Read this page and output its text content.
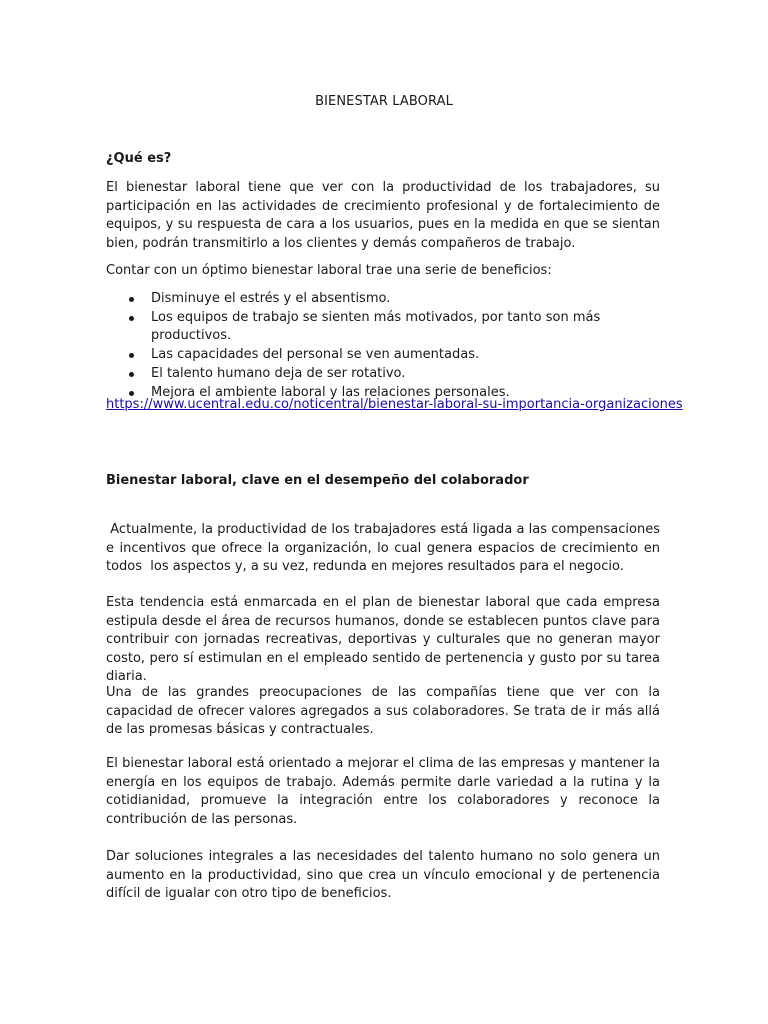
BIENESTAR LABORAL
¿Qué es?

El bienestar laboral tiene que ver con la productividad de los trabajadores, su participación en las actividades de crecimiento profesional y de fortalecimiento de equipos, y su respuesta de cara a los usuarios, pues en la medida en que se sientan bien, podrán transmitirlo a los clientes y demás compañeros de trabajo.

Contar con un óptimo bienestar laboral trae una serie de beneficios:

Disminuye el estrés y el absentismo.
Los equipos de trabajo se sienten más motivados, por tanto son más productivos.
Las capacidades del personal se ven aumentadas.
El talento humano deja de ser rotativo.
Mejora el ambiente laboral y las relaciones personales.
https://www.ucentral.edu.co/noticentral/bienestar-laboral-su-importancia-organizaciones
Bienestar laboral, clave en el desempeño del colaborador

Actualmente, la productividad de los trabajadores está ligada a las compensaciones e incentivos que ofrece la organización, lo cual genera espacios de crecimiento en todos  los aspectos y, a su vez, redunda en mejores resultados para el negocio.

Esta tendencia está enmarcada en el plan de bienestar laboral que cada empresa estipula desde el área de recursos humanos, donde se establecen puntos clave para contribuir con jornadas recreativas, deportivas y culturales que no generan mayor costo, pero sí estimulan en el empleado sentido de pertenencia y gusto por su tarea diaria.

Una de las grandes preocupaciones de las compañías tiene que ver con la capacidad de ofrecer valores agregados a sus colaboradores. Se trata de ir más allá de las promesas básicas y contractuales.

El bienestar laboral está orientado a mejorar el clima de las empresas y mantener la energía en los equipos de trabajo. Además permite darle variedad a la rutina y la cotidianidad, promueve la integración entre los colaboradores y reconoce la contribución de las personas.

Dar soluciones integrales a las necesidades del talento humano no solo genera un aumento en la productividad, sino que crea un vínculo emocional y de pertenencia difícil de igualar con otro tipo de beneficios.
